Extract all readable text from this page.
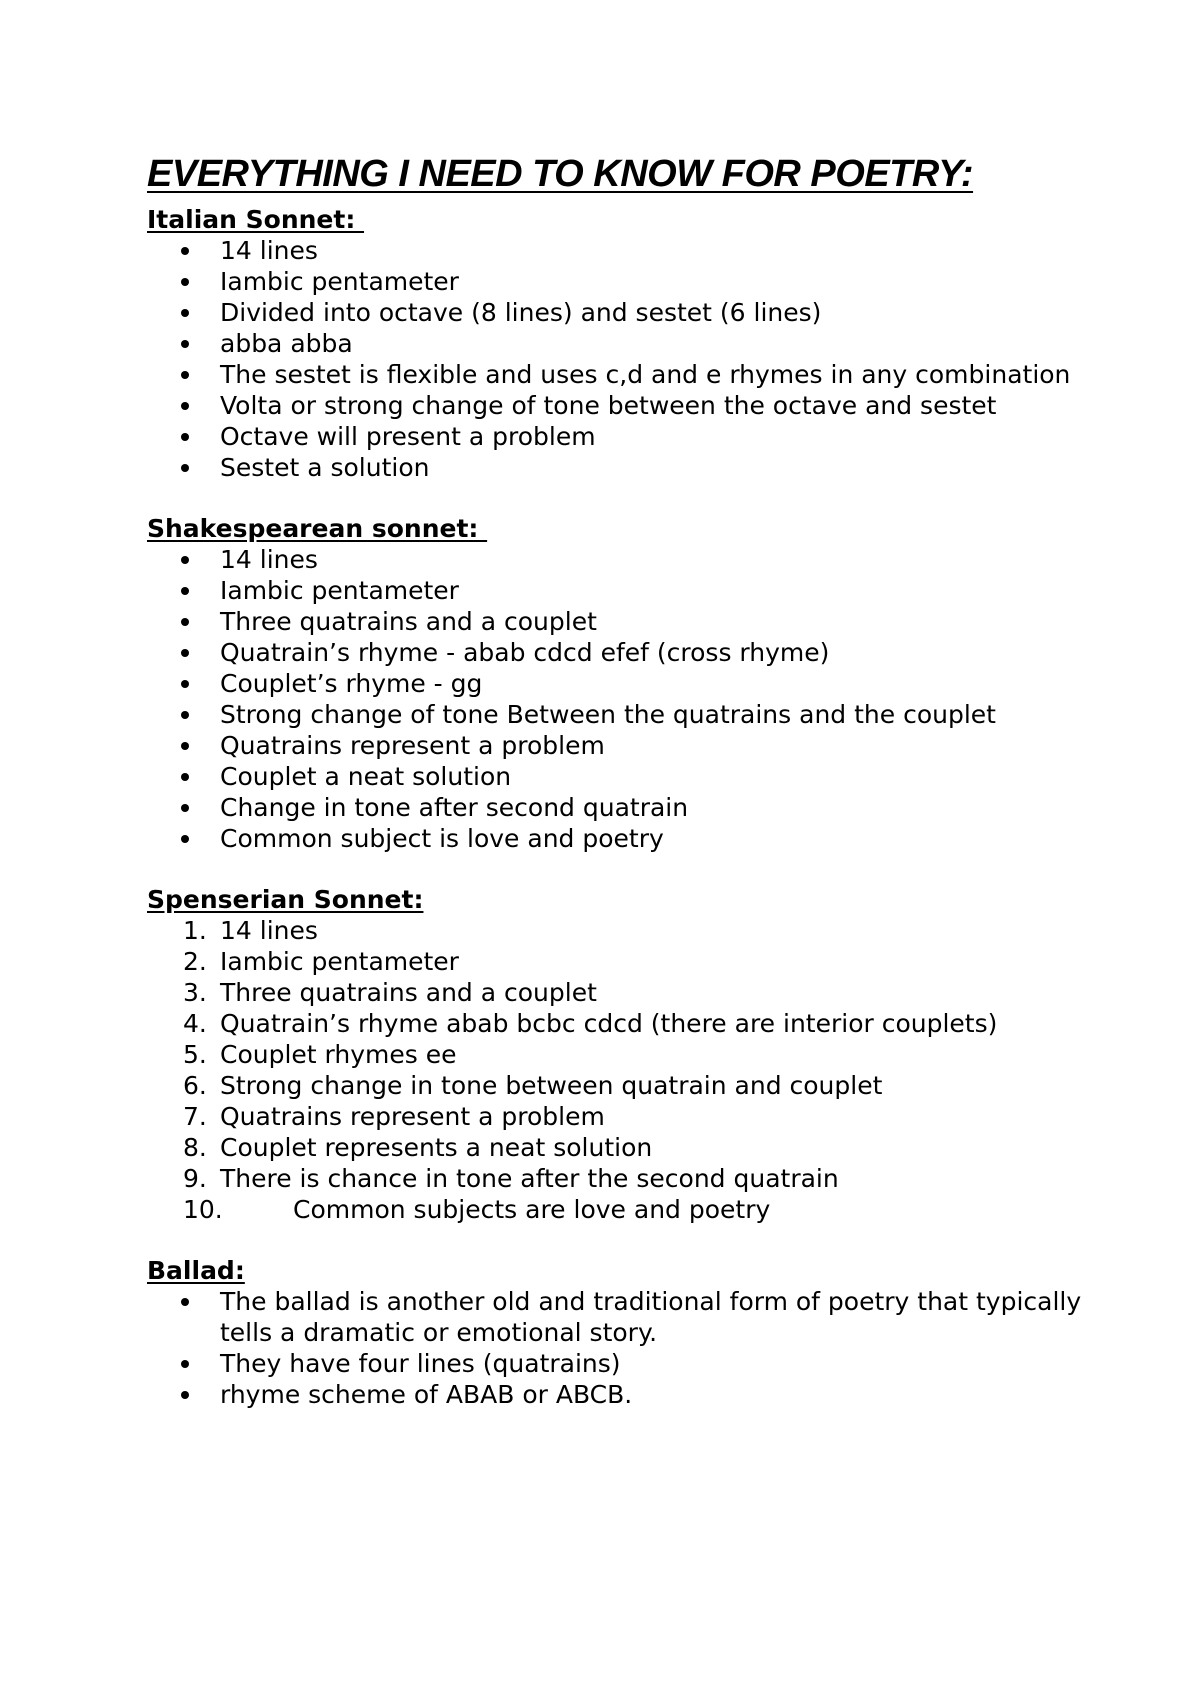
EVERYTHING I NEED TO KNOW FOR POETRY:

Italian Sonnet:

14 lines
Iambic pentameter
Divided into octave (8 lines) and sestet (6 lines)
abba abba
The sestet is flexible and uses c,d and e rhymes in any combination
Volta or strong change of tone between the octave and sestet
Octave will present a problem
Sestet a solution

Shakespearean sonnet:

14 lines
Iambic pentameter
Three quatrains and a couplet
Quatrain’s rhyme - abab cdcd efef (cross rhyme)
Couplet’s rhyme - gg
Strong change of tone Between the quatrains and the couplet
Quatrains represent a problem
Couplet a neat solution
Change in tone after second quatrain
Common subject is love and poetry

Spenserian Sonnet:

1. 14 lines
2. Iambic pentameter
3. Three quatrains and a couplet
4. Quatrain’s rhyme abab bcbc cdcd (there are interior couplets)
5. Couplet rhymes ee
6. Strong change in tone between quatrain and couplet
7. Quatrains represent a problem
8. Couplet represents a neat solution
9. There is chance in tone after the second quatrain
10.	Common subjects are love and poetry

Ballad:

The ballad is another old and traditional form of poetry that typically tells a dramatic or emotional story.
They have four lines (quatrains)
rhyme scheme of ABAB or ABCB.
